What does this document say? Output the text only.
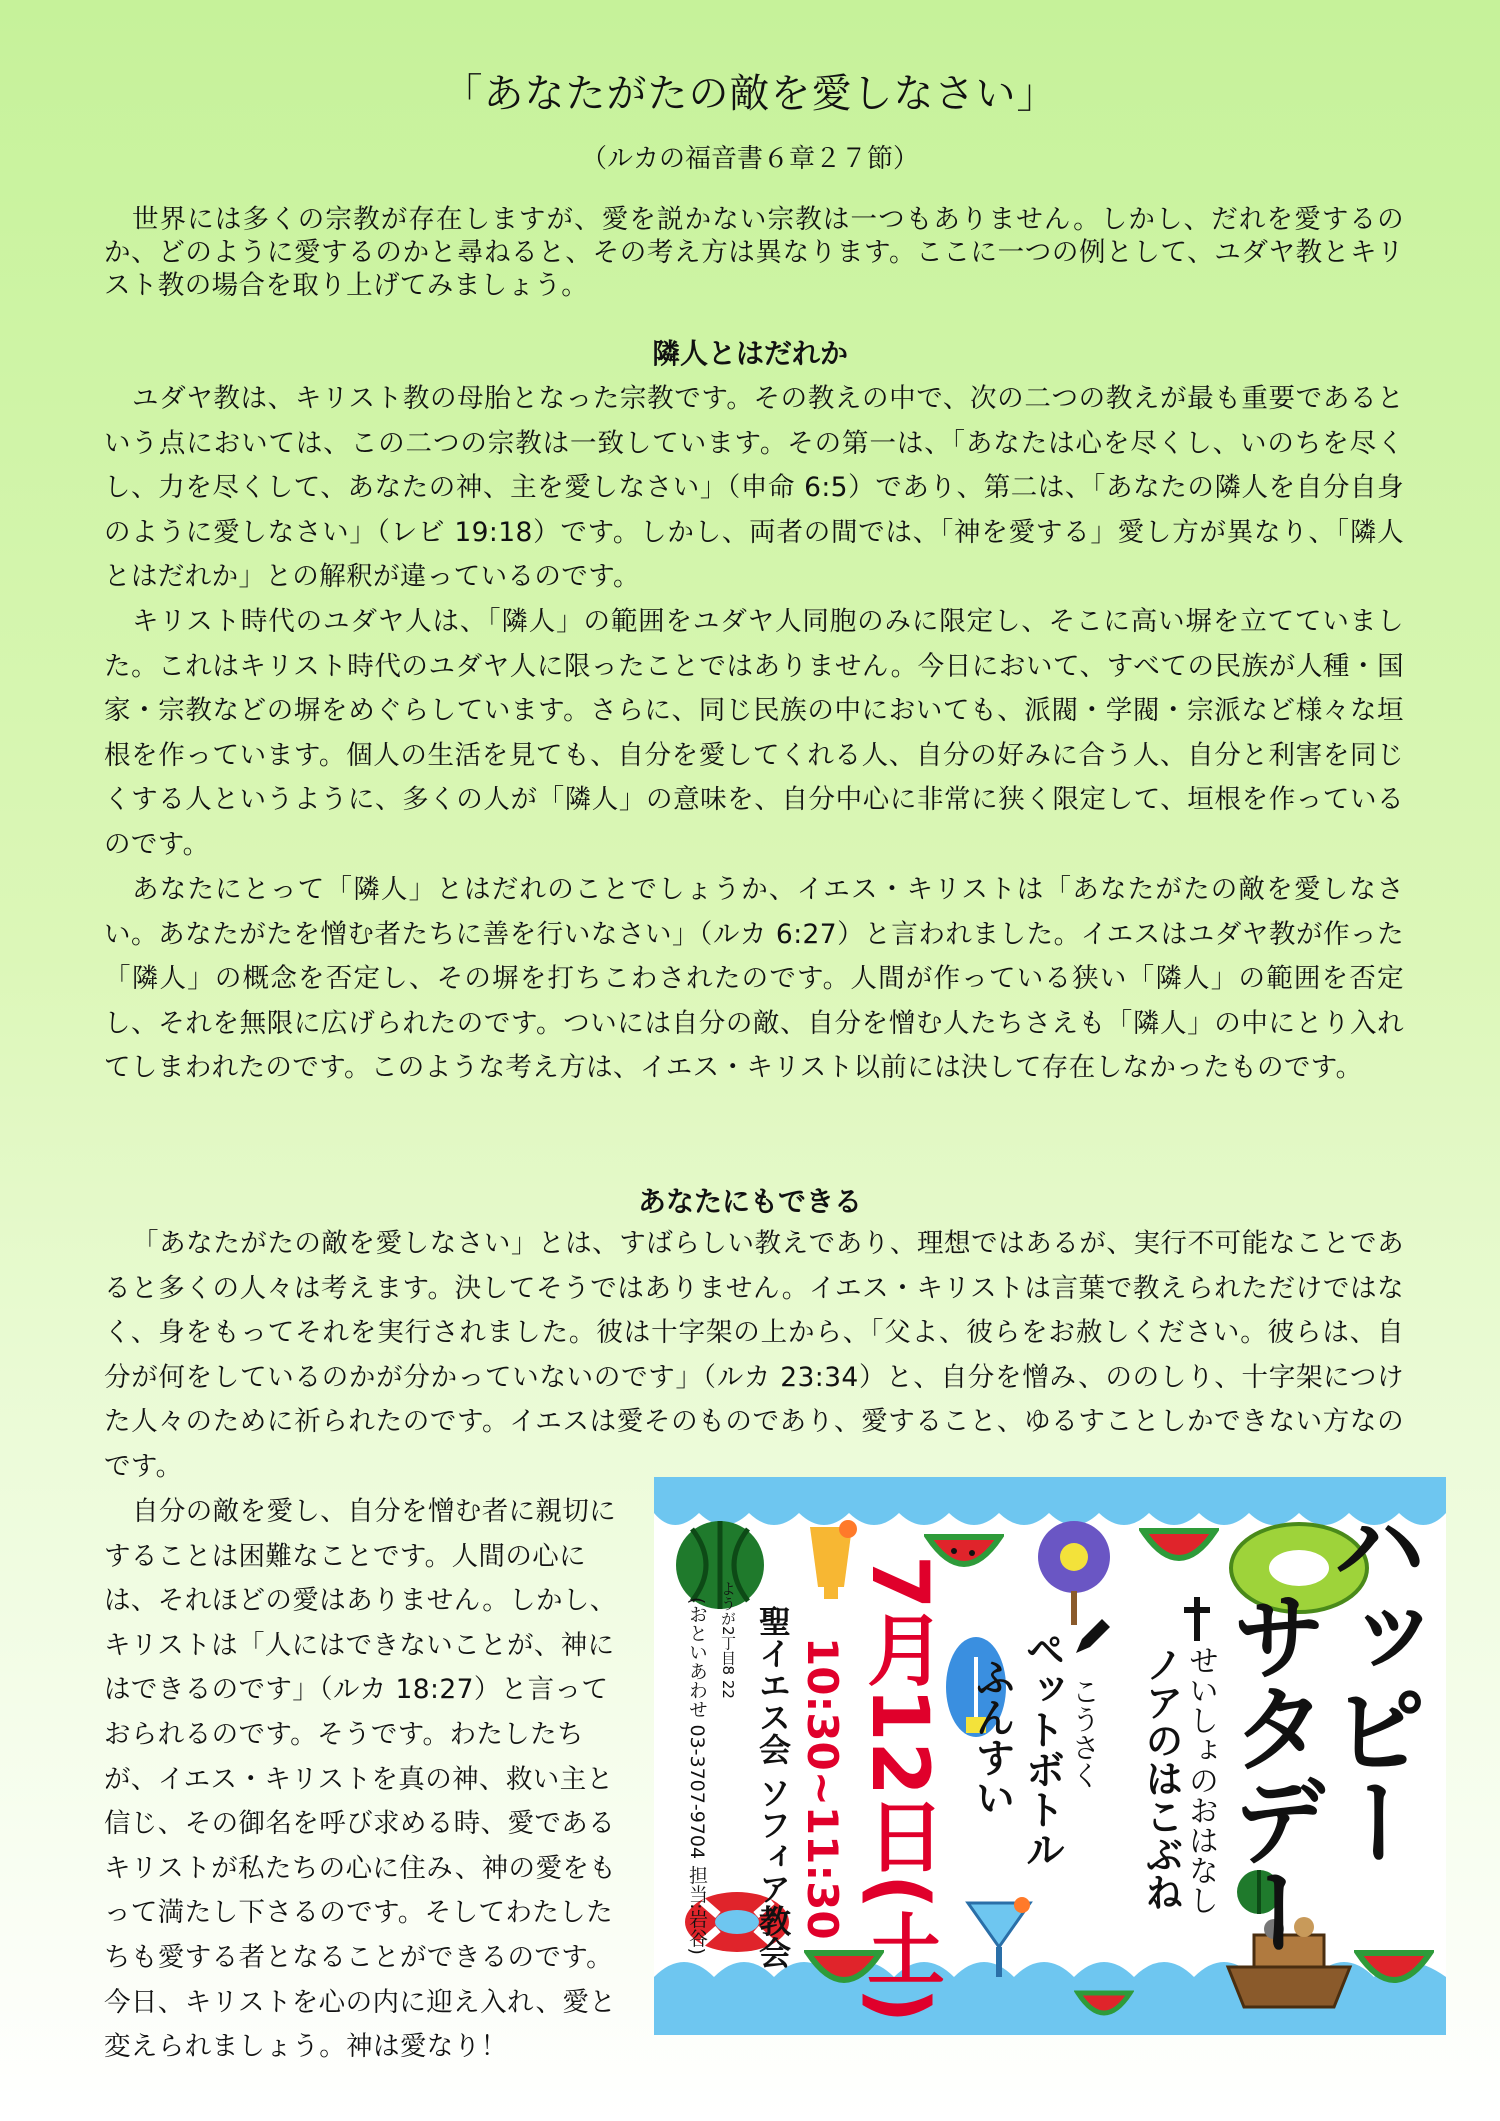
「あなたがたの敵を愛しなさい」
（ルカの福音書６章２７節）

世界には多くの宗教が存在しますが、愛を説かない宗教は一つもありません。しかし、だれを愛するのか、どのように愛するのかと尋ねると、その考え方は異なります。ここに一つの例として、ユダヤ教とキリスト教の場合を取り上げてみましょう。

隣人とはだれか

ユダヤ教は、キリスト教の母胎となった宗教です。その教えの中で、次の二つの教えが最も重要であるという点においては、この二つの宗教は一致しています。その第一は、「あなたは心を尽くし、いのちを尽くし、力を尽くして、あなたの神、主を愛しなさい」（申命 6:5）であり、第二は、「あなたの隣人を自分自身のように愛しなさい」（レビ 19:18）です。しかし、両者の間では、「神を愛する」愛し方が異なり、「隣人とはだれか」との解釈が違っているのです。

キリスト時代のユダヤ人は、「隣人」の範囲をユダヤ人同胞のみに限定し、そこに高い塀を立てていました。これはキリスト時代のユダヤ人に限ったことではありません。今日において、すべての民族が人種・国家・宗教などの塀をめぐらしています。さらに、同じ民族の中においても、派閥・学閥・宗派など様々な垣根を作っています。個人の生活を見ても、自分を愛してくれる人、自分の好みに合う人、自分と利害を同じくする人というように、多くの人が「隣人」の意味を、自分中心に非常に狭く限定して、垣根を作っているのです。

あなたにとって「隣人」とはだれのことでしょうか、イエス・キリストは「あなたがたの敵を愛しなさい。あなたがたを憎む者たちに善を行いなさい」（ルカ 6:27）と言われました。イエスはユダヤ教が作った「隣人」の概念を否定し、その塀を打ちこわされたのです。人間が作っている狭い「隣人」の範囲を否定し、それを無限に広げられたのです。ついには自分の敵、自分を憎む人たちさえも「隣人」の中にとり入れてしまわれたのです。このような考え方は、イエス・キリスト以前には決して存在しなかったものです。

あなたにもできる

「あなたがたの敵を愛しなさい」とは、すばらしい教えであり、理想ではあるが、実行不可能なことであると多くの人々は考えます。決してそうではありません。イエス・キリストは言葉で教えられただけではなく、身をもってそれを実行されました。彼は十字架の上から、「父よ、彼らをお赦しください。彼らは、自分が何をしているのかが分かっていないのです」（ルカ 23:34）と、自分を憎み、ののしり、十字架につけた人々のために祈られたのです。イエスは愛そのものであり、愛すること、ゆるすことしかできない方なのです。

自分の敵を愛し、自分を憎む者に親切にすることは困難なことです。人間の心には、それほどの愛はありません。しかし、キリストは「人にはできないことが、神にはできるのです」（ルカ 18:27）と言っておられるのです。そうです。わたしたちが、イエス・キリストを真の神、救い主と信じ、その御名を呼び求める時、愛であるキリストが私たちの心に住み、神の愛をもって満たし下さるのです。そしてわたしたちも愛する者となることができるのです。今日、キリストを心の内に迎え入れ、愛と変えられましょう。神は愛なり！

ハッピー
サタデー
せいしょのおはなし
ノアのはこぶね
こうさく
ペットボトル
ふんすい
7月12日(土)
10:30~11:30
聖イエス会 ソフィア教会
ようが2丁目8 22
(おといあわせ 03-3707-9704 担当:岩谷)
